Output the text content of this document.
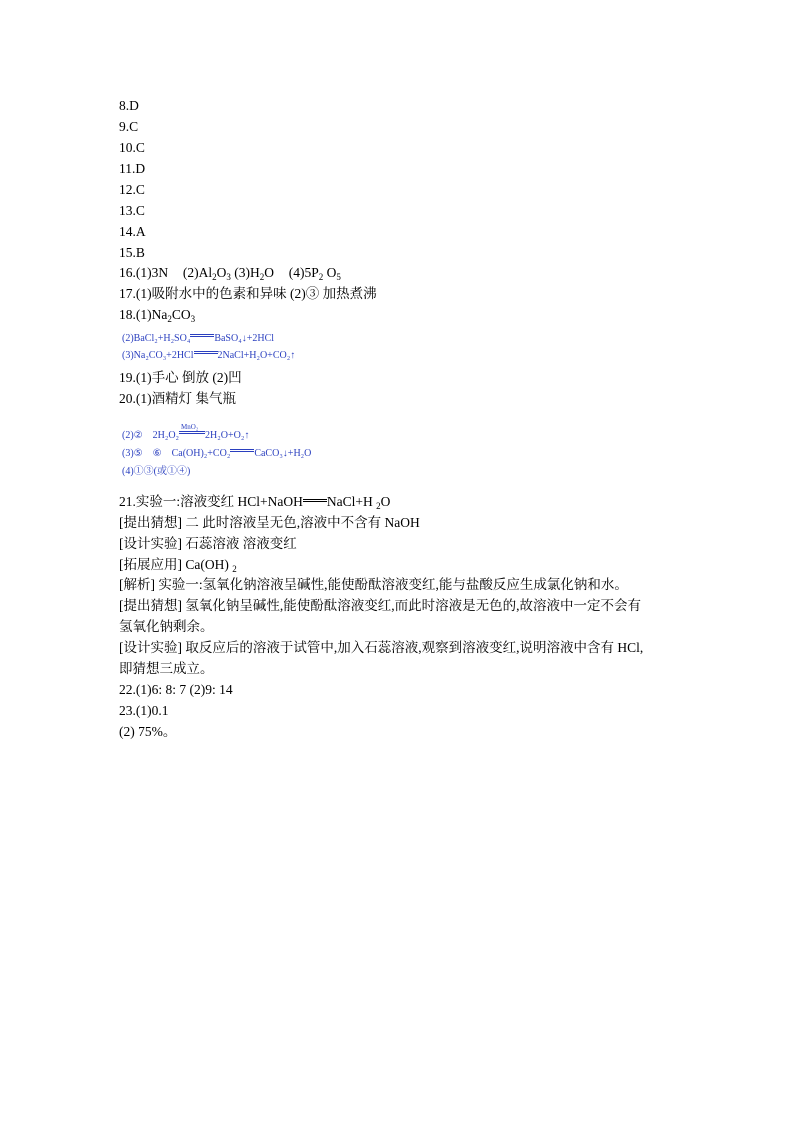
8.D
9.C
10.C
11.D
12.C
13.C
14.A
15.B
16.(1)3N $(2)Al_2O_3$ $(3)H_2O$ $(4)5P_2$ $O_5$
17.(1)吸附水中的色素和异味 (2)③ 加热煮沸
$18.(1)Na_2CO_3$
(2)BaCl₂+H₂SO₄ BaSO₄↓+2HCl
(3)Na₂CO₃+2HCl 2NaCl+H₂O+CO₂↑
19.(1)手心 倒放 (2)凹
20.(1)酒精灯 集气瓶
(2)② 2H₂O₂
MnO₂
2H₂O+O₂↑
(3)⑤ ⑥ Ca(OH)₂+CO₂ CaCO₃↓+H₂O
(4)①③(或①④)
21.实验一:溶液变红 HCl+NaOH NaCl+H $_2$O
[提出猜想] 二 此时溶液呈无色,溶液中不含有 NaOH
[设计实验] 石蕊溶液 溶液变红
[拓展应用] Ca(OH) $_2$
[解析] 实验一:氢氧化钠溶液呈碱性,能使酚酞溶液变红,能与盐酸反应生成氯化钠和水。
[提出猜想] 氢氧化钠呈碱性,能使酚酞溶液变红,而此时溶液是无色的,故溶液中一定不会有
氢氧化钠剩余。
[设计实验] 取反应后的溶液于试管中,加入石蕊溶液,观察到溶液变红,说明溶液中含有 HCl,
即猜想三成立。
22.(1)6: 8: 7 (2)9: 14
23.(1)0.1
(2) 75%。
